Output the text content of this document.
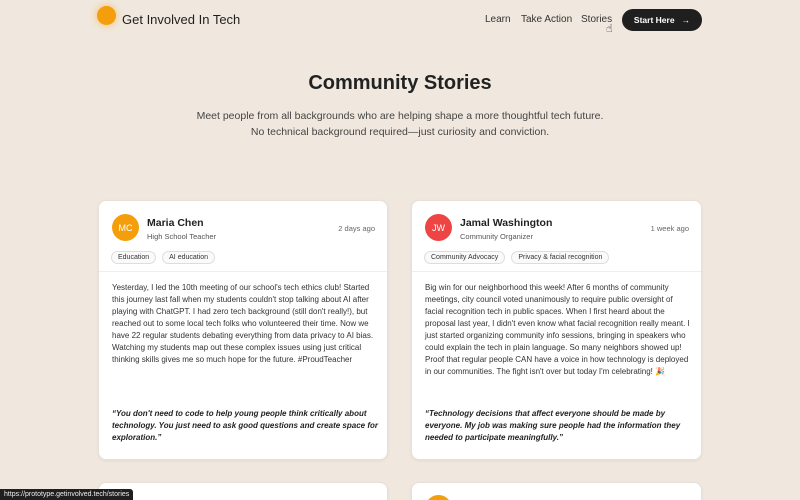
Get Involved In Tech	Learn Take Action Stories
☝
Start Here →
Community Stories
Meet people from all backgrounds who are helping shape a more thoughtful tech future. No technical background required—just curiosity and conviction.
MC	Maria Chen
High School Teacher
2 days ago
Education	AI education
Yesterday, I led the 10th meeting of our school's tech ethics club! Started this journey last fall when my students couldn't stop talking about AI after playing with ChatGPT. I had zero tech background (still don't really!), but reached out to some local tech folks who volunteered their time. Now we have 22 regular students debating everything from data privacy to AI bias. Watching my students map out these complex issues using just critical thinking skills gives me so much hope for the future. #ProudTeacher
“You don't need to code to help young people think critically about technology. You just need to ask good questions and create space for exploration.”
JW	Jamal Washington
Community Organizer
1 week ago
Community Advocacy	Privacy & facial recognition
Big win for our neighborhood this week! After 6 months of community meetings, city council voted unanimously to require public oversight of facial recognition tech in public spaces. When I first heard about the proposal last year, I didn't even know what facial recognition really meant. I just started organizing community info sessions, bringing in speakers who could explain the tech in plain language. So many neighbors showed up! Proof that regular people CAN have a voice in how technology is deployed in our communities. The fight isn't over but today I'm celebrating! 🎉
“Technology decisions that affect everyone should be made by everyone. My job was making sure people had the information they needed to participate meaningfully.”
https://prototype.getinvolved.tech/stories
